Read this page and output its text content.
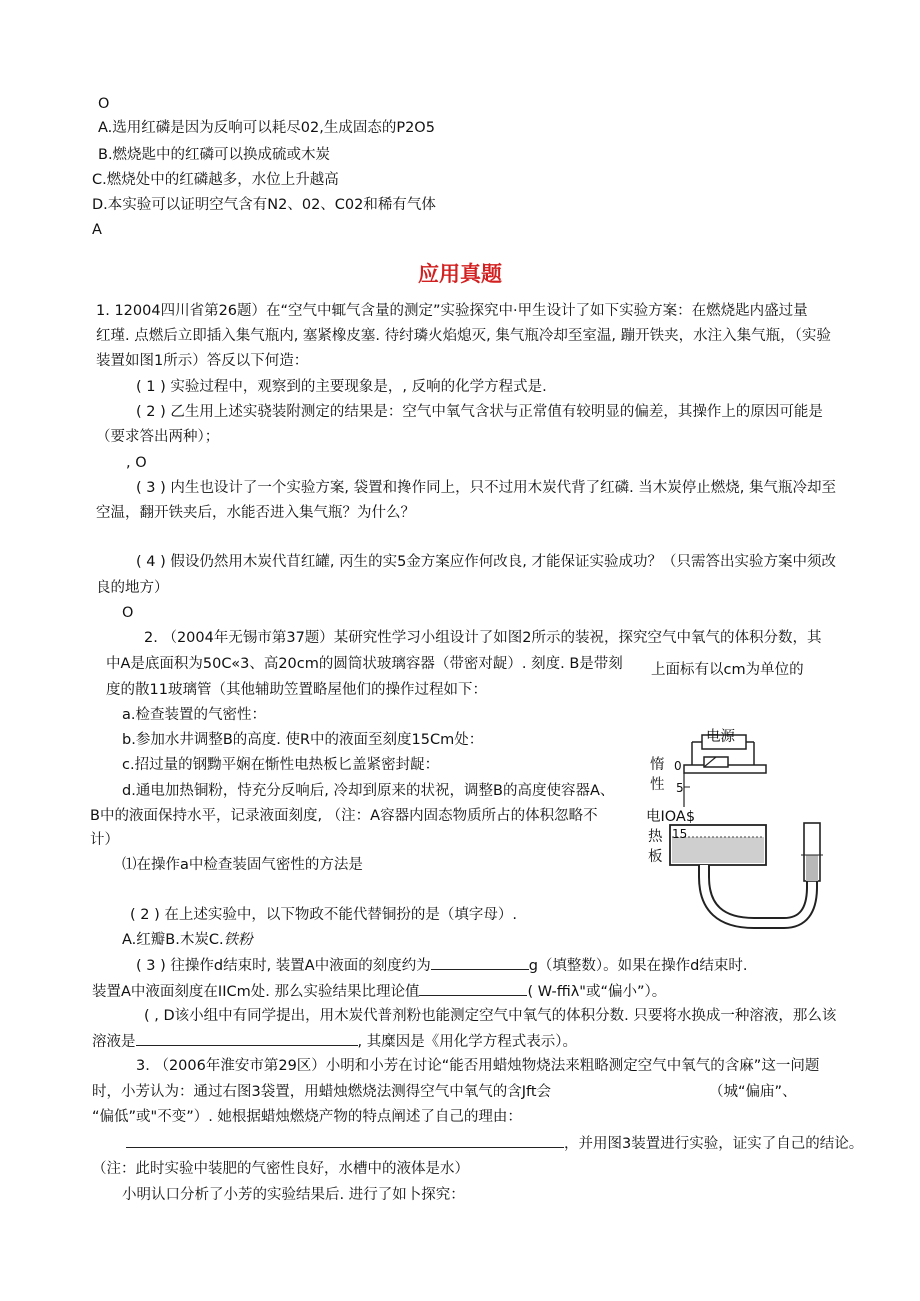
O
A.选用红磷是因为反响可以耗尽02,生成固态的P2O5
B.燃烧匙中的红磷可以换成硫或木炭
C.燃烧处中的红磷越多，水位上升越高
D.本实验可以证明空气含有N2、02、C02和稀有气体
A
应用真题
1. 12004四川省第26题）在“空气中辄气含量的测定”实验探究中·甲生设计了如下实验方案：在燃烧匙内盛过量
红瑾. 点燃后立即插入集气瓶内, 塞紧橡皮塞. 待纣璘火焰熄灭, 集气瓶冷却至室温, 蹦开铁夹，水注入集气瓶，（实验
装置如图1所示）答反以下何造：
( 1 ) 实验过程中，观察到的主要现象是，, 反响的化学方程式是.
( 2 ) 乙生用上述实骁装附测定的结果是：空气中氧气含状与正常值有较明显的偏差，其操作上的原因可能是
（要求答出两种）；
, O
( 3 ) 内生也设计了一个实验方案, 袋置和搀作同上，只不过用木炭代背了红磷. 当木炭停止燃烧, 集气瓶冷却至
空温，翻开铁夹后，水能否进入集气瓶？为什么？
( 4 ) 假设仍然用木炭代苜红罐, 丙生的实5金方案应作何改良, 才能保证实验成功？（只需答出实验方案中须改
良的地方）
O
2. （2004年无锡市第37题）某研究性学习小组设计了如图2所示的装祝，探究空气中氧气的体积分数，其
中A是底面积为50C«3、高20cm的圆筒状玻璃容器（带密对龊）. 刻度. B是带刻 上面标有以cm为单位的
度的散11玻璃管（其他辅助笠置略屋他们的操作过程如下：
a.检查装置的气密性：
b.参加水井调整B的高度. 使R中的液面至刻度15Cm处：
c.招过量的钢黝平娴在惭性电热板匕盖紧密封龊：
d.通电加热铜粉，恃充分反响后, 冷却到原来的状祝，调整B的高度使容器A、
B中的液面保持水平，记录液面刻度, （注：A容器内固态物质所占的体积忽略不
计）
⑴在操作a中检查装固气密性的方法是
( 2 ) 在上述实验中，以下物政不能代替铜扮的是（填字母）.
A.红瓣B.木炭C.铁粉
( 3 ) 往操作d结束时, 装置A中液面的刻度约为	g（填整数）。如果在操作d结束时.
装置A中液面刻度在IICm处. 那么实验结果比理论值	( W-ffiλ"或“偏小”）。
( , D该小组中有同学提出，用木炭代普剂粉也能测定空气中氧气的体积分数. 只要将水换成一种溶液，那么该
溶液是	, 其糜因是《用化学方程式表示）。
电源
惰 0
性 5
电IOA$
热 15
板
3. （2006年淮安市第29区）小明和小芳在讨论“能否用蜡烛物烧法来粗略测定空气中氧气的含麻”这一问题
时，小芳认为：通过右图3袋置，用蜡烛燃烧法测得空气中氧气的含Jft会	（城“偏庙”、
“偏低”或"不变”）. 她根据蜡烛燃烧产物的特点阐述了自己的理由：
，并用图3装置进行实验，证实了自己的结论。
（注：此时实验中装肥的气密性良好，水槽中的液体是水）
小明认口分析了小芳的实验结果后. 进行了如卜探究：
